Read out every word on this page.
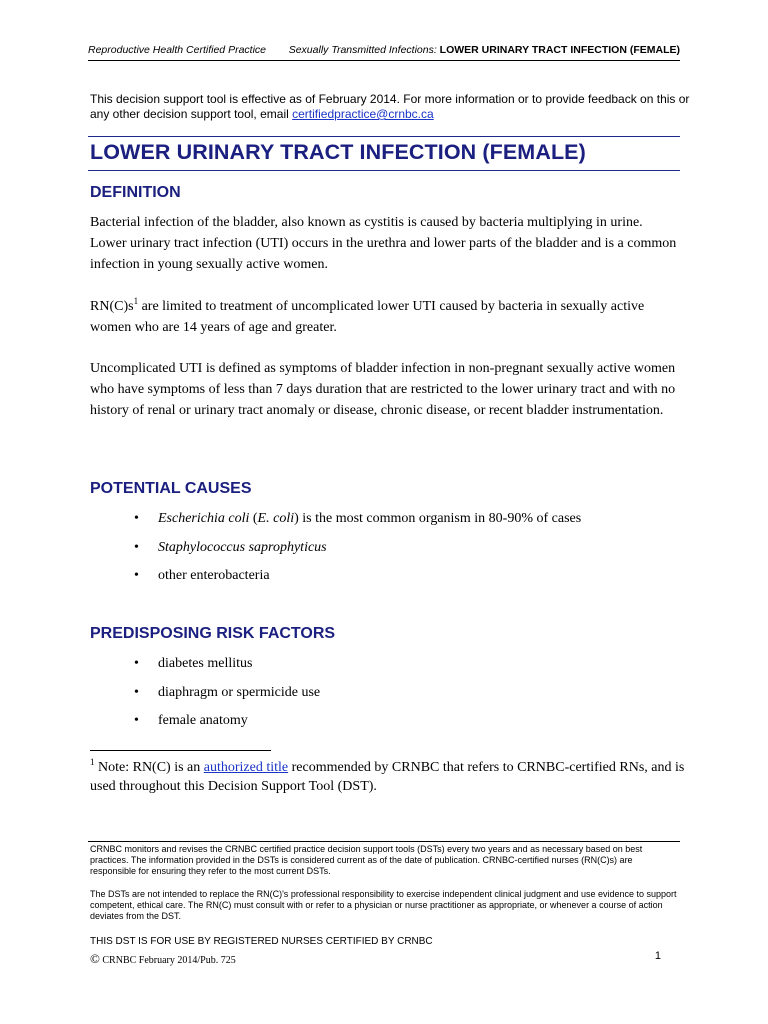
Reproductive Health Certified Practice Sexually Transmitted Infections: LOWER URINARY TRACT INFECTION (FEMALE)
This decision support tool is effective as of February 2014. For more information or to provide feedback on this or any other decision support tool, email certifiedpractice@crnbc.ca
LOWER URINARY TRACT INFECTION (FEMALE)
DEFINITION
Bacterial infection of the bladder, also known as cystitis is caused by bacteria multiplying in urine. Lower urinary tract infection (UTI) occurs in the urethra and lower parts of the bladder and is a common infection in young sexually active women.
$RN(C)s^1$ are limited to treatment of uncomplicated lower UTI caused by bacteria in sexually active women who are 14 years of age and greater.
Uncomplicated UTI is defined as symptoms of bladder infection in non-pregnant sexually active women who have symptoms of less than 7 days duration that are restricted to the lower urinary tract and with no history of renal or urinary tract anomaly or disease, chronic disease, or recent bladder instrumentation.
POTENTIAL CAUSES
• Escherichia coli (E. coli) is the most common organism in 80-90% of cases
• Staphylococcus saprophyticus
• other enterobacteria
PREDISPOSING RISK FACTORS
• diabetes mellitus
• diaphragm or spermicide use
• female anatomy
$^1$ Note: RN(C) is an authorized title recommended by CRNBC that refers to CRNBC-certified RNs, and is used throughout this Decision Support Tool (DST).
CRNBC monitors and revises the CRNBC certified practice decision support tools (DSTs) every two years and as necessary based on best practices. The information provided in the DSTs is considered current as of the date of publication. CRNBC-certified nurses (RN(C)s) are responsible for ensuring they refer to the most current DSTs.
The DSTs are not intended to replace the RN(C)'s professional responsibility to exercise independent clinical judgment and use evidence to support competent, ethical care. The RN(C) must consult with or refer to a physician or nurse practitioner as appropriate, or whenever a course of action deviates from the DST.
THIS DST IS FOR USE BY REGISTERED NURSES CERTIFIED BY CRNBC
© CRNBC February 2014/Pub. 725	1
